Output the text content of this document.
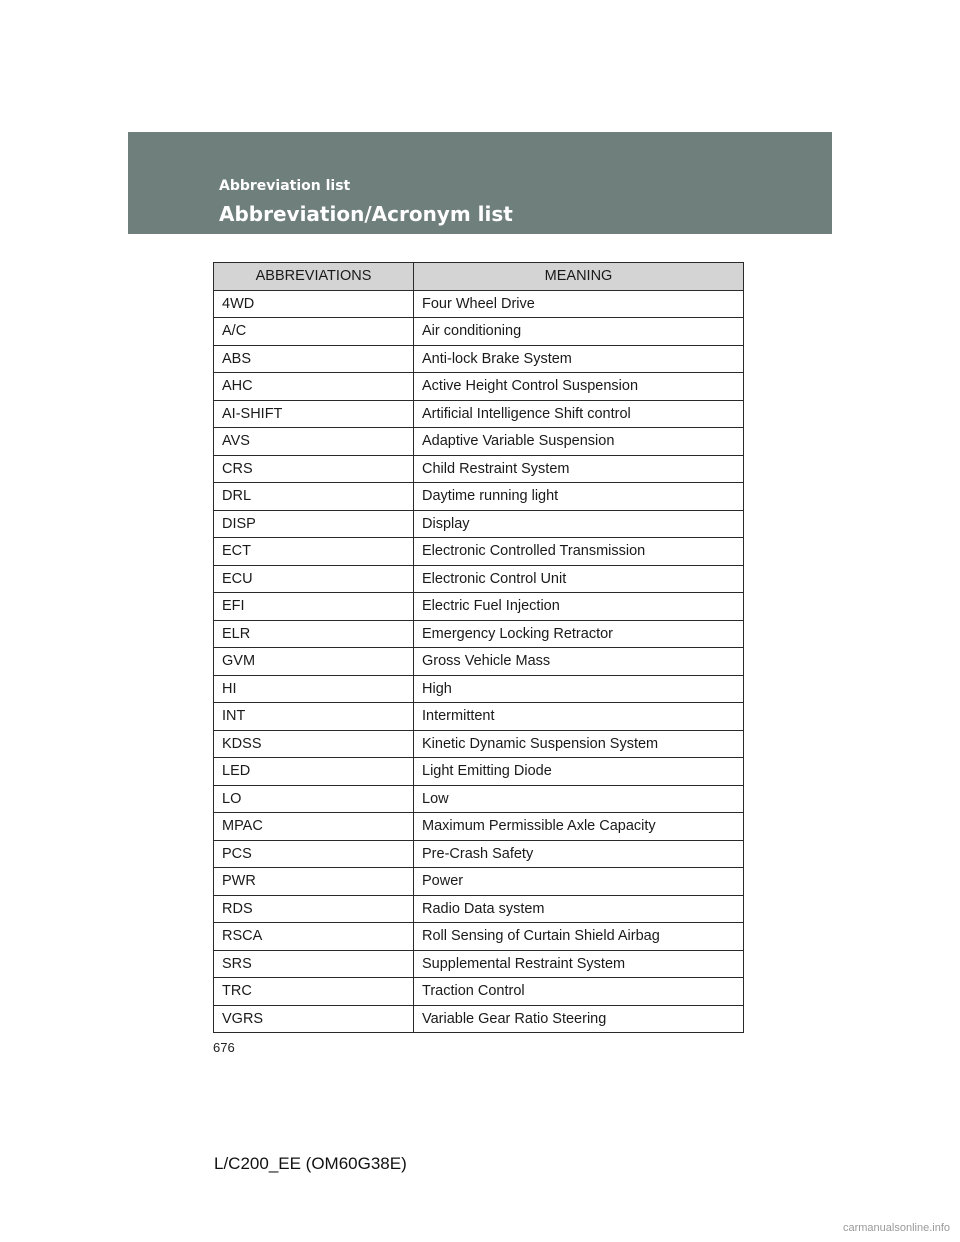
Abbreviation list
Abbreviation/Acronym list
ABBREVIATIONS	MEANING
4WD	Four Wheel Drive
A/C	Air conditioning
ABS	Anti-lock Brake System
AHC	Active Height Control Suspension
AI-SHIFT	Artificial Intelligence Shift control
AVS	Adaptive Variable Suspension
CRS	Child Restraint System
DRL	Daytime running light
DISP	Display
ECT	Electronic Controlled Transmission
ECU	Electronic Control Unit
EFI	Electric Fuel Injection
ELR	Emergency Locking Retractor
GVM	Gross Vehicle Mass
HI	High
INT	Intermittent
KDSS	Kinetic Dynamic Suspension System
LED	Light Emitting Diode
LO	Low
MPAC	Maximum Permissible Axle Capacity
PCS	Pre-Crash Safety
PWR	Power
RDS	Radio Data system
RSCA	Roll Sensing of Curtain Shield Airbag
SRS	Supplemental Restraint System
TRC	Traction Control
VGRS	Variable Gear Ratio Steering
676
L/C200_EE (OM60G38E)
carmanualsonline.info
